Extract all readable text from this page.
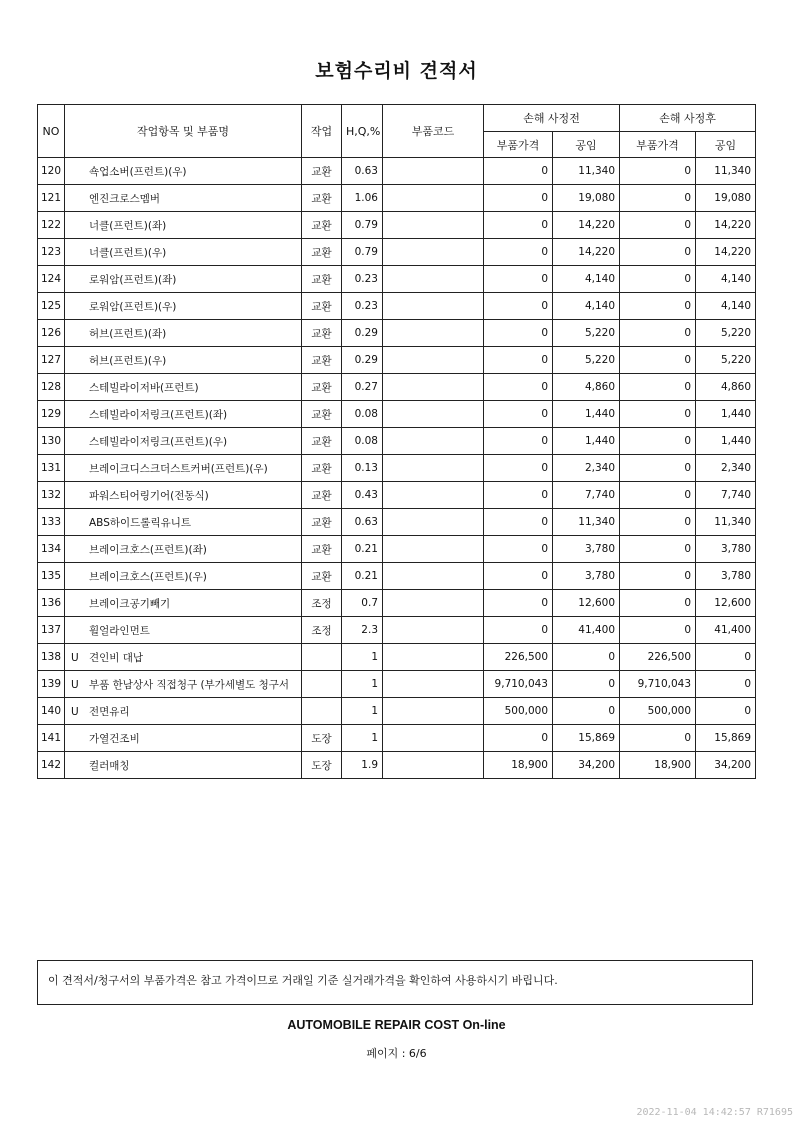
보험수리비 견적서
NO	작업항목 및 부품명	작업	H,Q,%	부품코드	손해 사정전		손해 사정후	
					부품가격	공임	부품가격	공임
120	쇽업소버(프런트)(우)	교환	0.63		0	11,340	0	11,340
121	엔진크로스멤버	교환	1.06		0	19,080	0	19,080
122	너클(프런트)(좌)	교환	0.79		0	14,220	0	14,220
123	너클(프런트)(우)	교환	0.79		0	14,220	0	14,220
124	로워암(프런트)(좌)	교환	0.23		0	4,140	0	4,140
125	로워암(프런트)(우)	교환	0.23		0	4,140	0	4,140
126	허브(프런트)(좌)	교환	0.29		0	5,220	0	5,220
127	허브(프런트)(우)	교환	0.29		0	5,220	0	5,220
128	스테빌라이저바(프런트)	교환	0.27		0	4,860	0	4,860
129	스테빌라이저링크(프런트)(좌)	교환	0.08		0	1,440	0	1,440
130	스테빌라이저링크(프런트)(우)	교환	0.08		0	1,440	0	1,440
131	브레이크디스크더스트커버(프런트)(우)	교환	0.13		0	2,340	0	2,340
132	파워스티어링기어(전동식)	교환	0.43		0	7,740	0	7,740
133	ABS하이드롤릭유니트	교환	0.63		0	11,340	0	11,340
134	브레이크호스(프런트)(좌)	교환	0.21		0	3,780	0	3,780
135	브레이크호스(프런트)(우)	교환	0.21		0	3,780	0	3,780
136	브레이크공기빼기	조정	0.7		0	12,600	0	12,600
137	휠얼라인먼트	조정	2.3		0	41,400	0	41,400
138	U 견인비 대납		1		226,500	0	226,500	0
139	U 부품 한남상사 직접청구 (부가세별도 청구서		1		9,710,043	0	9,710,043	0
140	U 전면유리		1		500,000	0	500,000	0
141	가열건조비	도장	1		0	15,869	0	15,869
142	컬러매칭	도장	1.9		18,900	34,200	18,900	34,200
이 견적서/청구서의 부품가격은 참고 가격이므로 거래일 기준 실거래가격을 확인하여 사용하시기 바립니다.
AUTOMOBILE REPAIR COST On-line
페이지 : 6/6
2022-11-04 14:42:57 R71695
